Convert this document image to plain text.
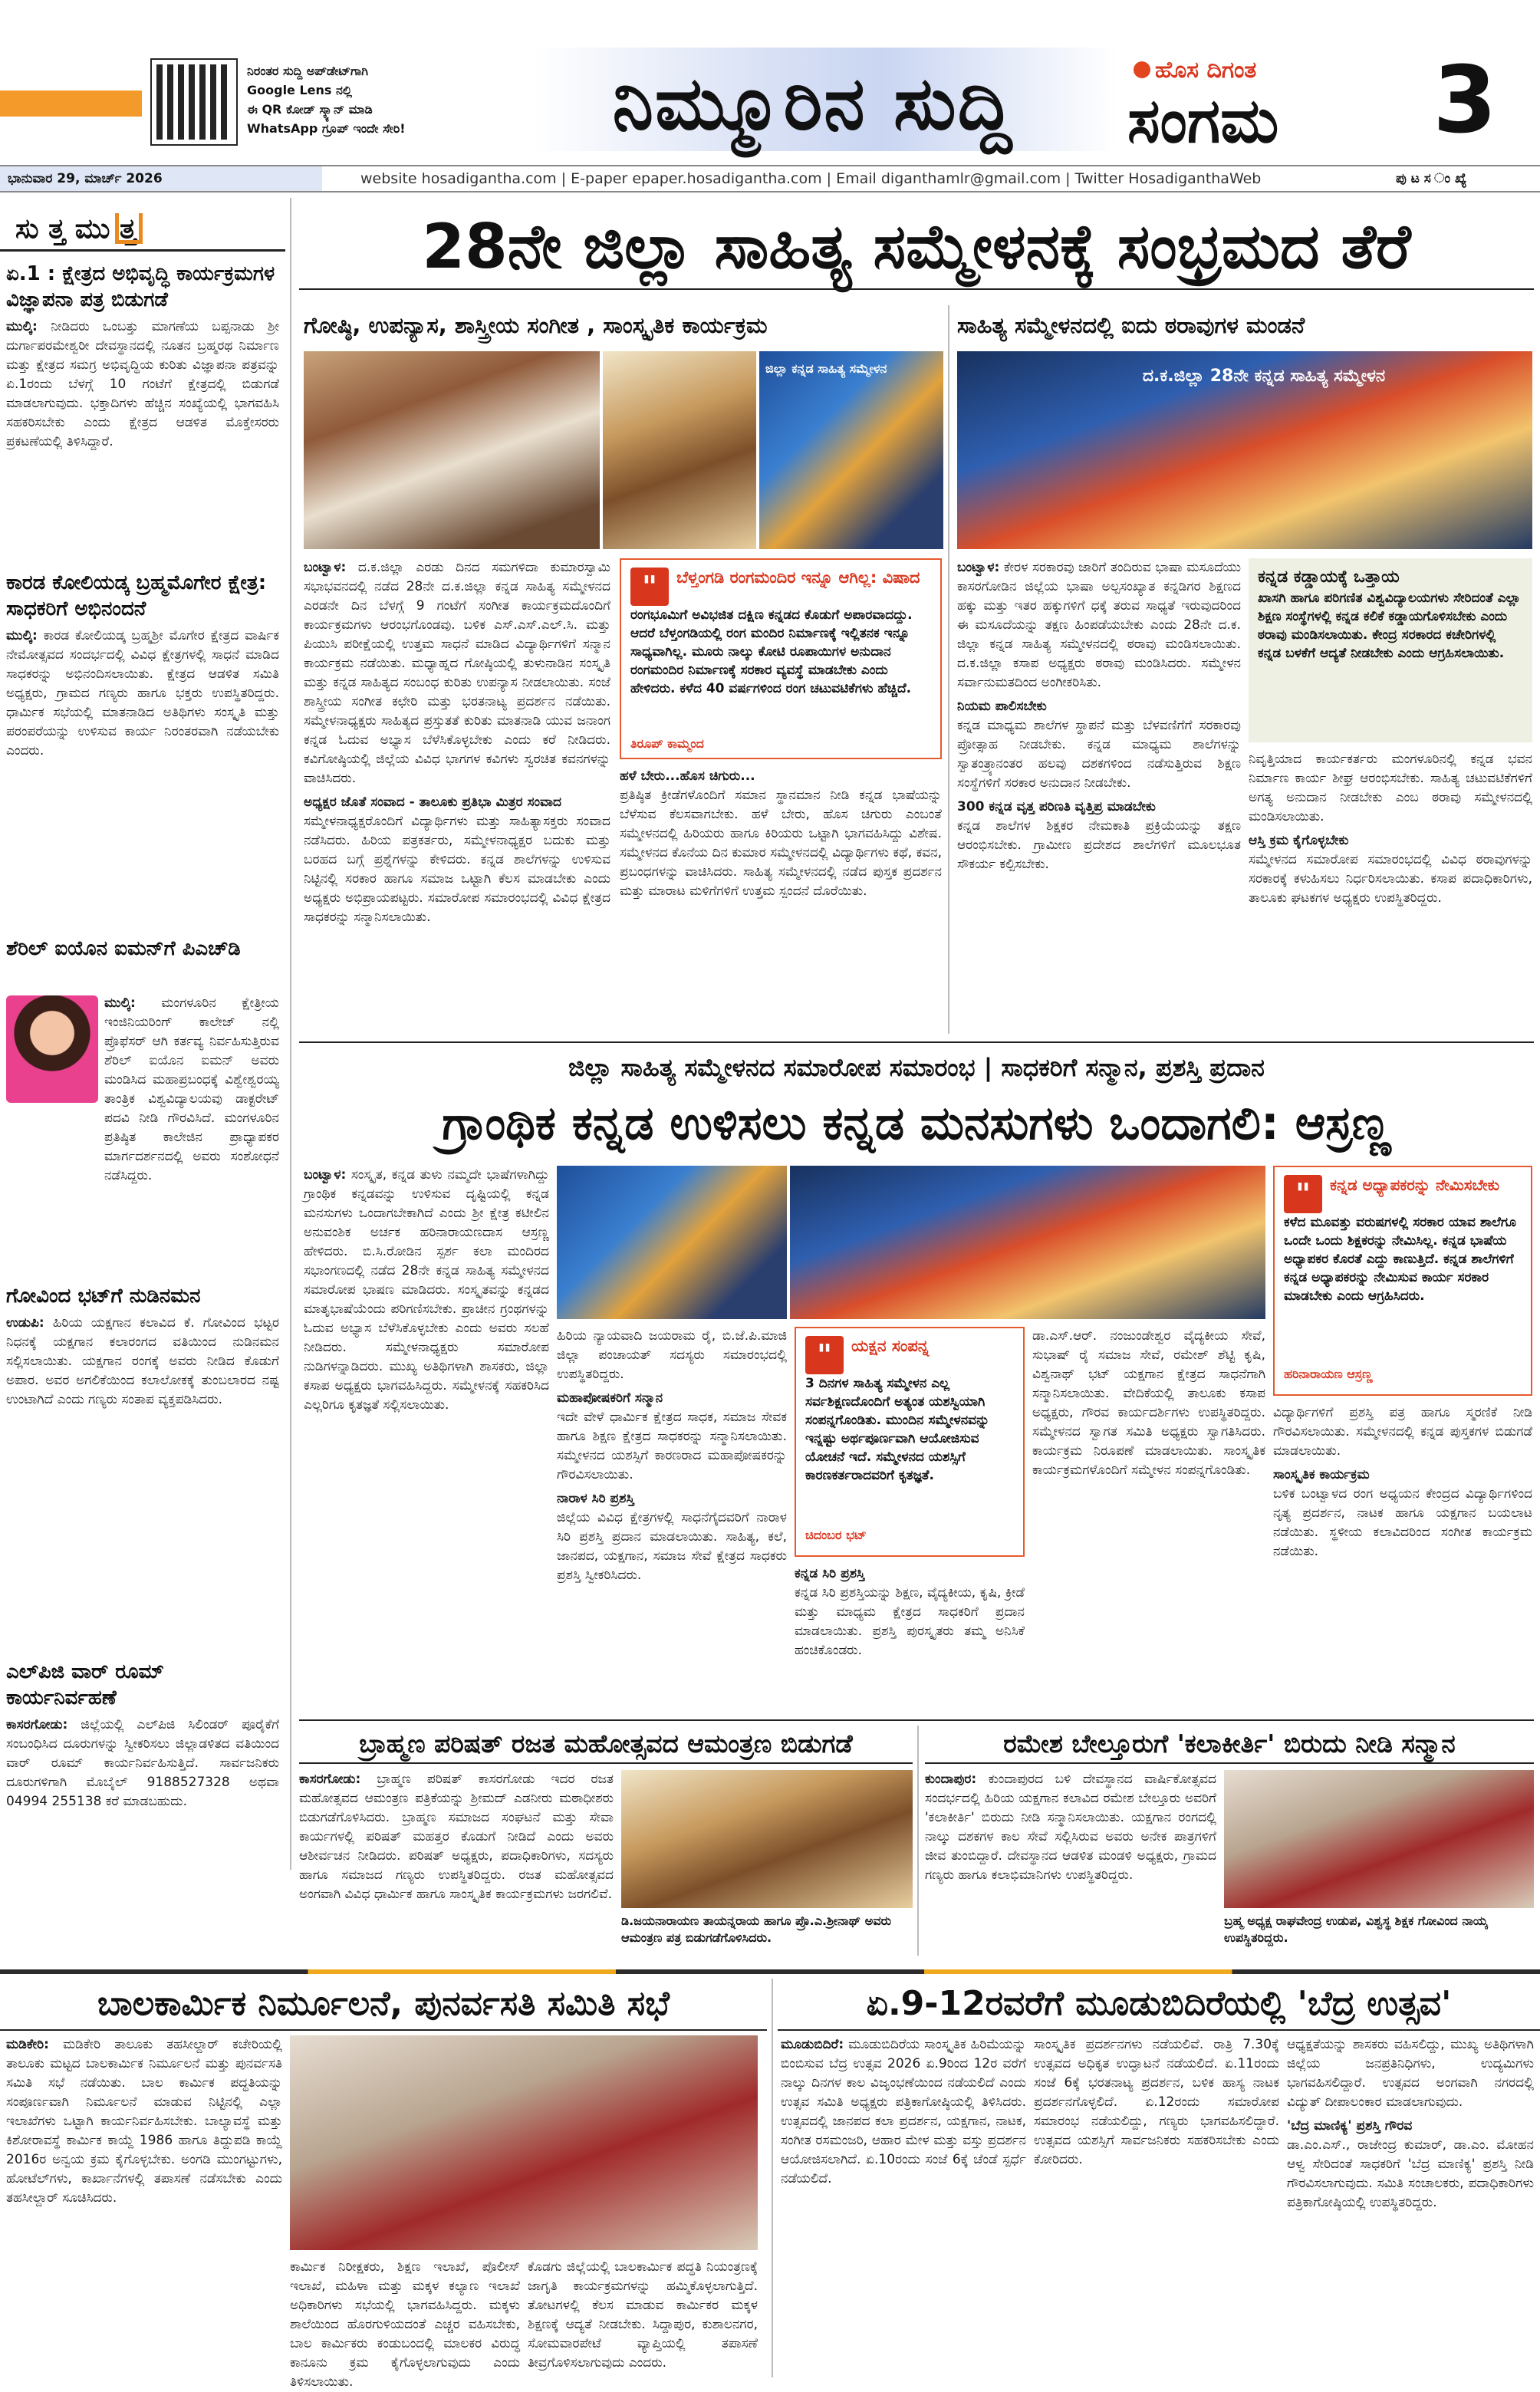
ನಿರಂತರ ಸುದ್ದಿ ಅಪ್‌ಡೇಟ್‌ಗಾಗಿ
Google Lens ನಲ್ಲಿ
ಈ QR ಕೋಡ್ ಸ್ಕ್ಯಾನ್ ಮಾಡಿ
WhatsApp ಗ್ರೂಪ್ ಇಂದೇ ಸೇರಿ!	ನಿಮ್ಮೂರಿನ ಸುದ್ದಿ	ಹೊಸ ದಿಗಂತ
ಸಂಗಮ	3
ಭಾನುವಾರ 29, ಮಾರ್ಚ್ 2026	website hosadigantha.com | E-paper epaper.hosadigantha.com | Email diganthamlr@gmail.com | Twitter HosadiganthaWeb	ಪು ಟ ಸ ಂ ಖ್ಯೆ
ಸು ತ್ತ ಮು ತ್ತ
ಏ.1 : ಕ್ಷೇತ್ರದ ಅಭಿವೃದ್ಧಿ ಕಾರ್ಯಕ್ರಮಗಳ ವಿಜ್ಞಾಪನಾ ಪತ್ರ ಬಿಡುಗಡೆ
ಮುಲ್ಕಿ: ನೀಡಿದರು ಒಂಬತ್ತು ಮಾಗಣೆಯ ಬಪ್ಪನಾಡು ಶ್ರೀ ದುರ್ಗಾಪರಮೇಶ್ವರೀ ದೇವಸ್ಥಾನದಲ್ಲಿ ನೂತನ ಬ್ರಹ್ಮರಥ ನಿರ್ಮಾಣ ಮತ್ತು ಕ್ಷೇತ್ರದ ಸಮಗ್ರ ಅಭಿವೃದ್ಧಿಯ ಕುರಿತು ವಿಜ್ಞಾಪನಾ ಪತ್ರವನ್ನು ಏ.1ರಂದು ಬೆಳಗ್ಗೆ 10 ಗಂಟೆಗೆ ಕ್ಷೇತ್ರದಲ್ಲಿ ಬಿಡುಗಡೆ ಮಾಡಲಾಗುವುದು. ಭಕ್ತಾದಿಗಳು ಹೆಚ್ಚಿನ ಸಂಖ್ಯೆಯಲ್ಲಿ ಭಾಗವಹಿಸಿ ಸಹಕರಿಸಬೇಕು ಎಂದು ಕ್ಷೇತ್ರದ ಆಡಳಿತ ಮೊಕ್ತೇಸರರು ಪ್ರಕಟಣೆಯಲ್ಲಿ ತಿಳಿಸಿದ್ದಾರೆ.
ಕಾರಡ ಕೋಲಿಯಡ್ಕ ಬ್ರಹ್ಮಮೊಗೇರ ಕ್ಷೇತ್ರ: ಸಾಧಕರಿಗೆ ಅಭಿನಂದನೆ
ಮುಲ್ಕಿ: ಕಾರಡ ಕೋಲಿಯಡ್ಕ ಬ್ರಹ್ಮಶ್ರೀ ಮೊಗೇರ ಕ್ಷೇತ್ರದ ವಾರ್ಷಿಕ ನೇಮೋತ್ಸವದ ಸಂದರ್ಭದಲ್ಲಿ ವಿವಿಧ ಕ್ಷೇತ್ರಗಳಲ್ಲಿ ಸಾಧನೆ ಮಾಡಿದ ಸಾಧಕರನ್ನು ಅಭಿನಂದಿಸಲಾಯಿತು. ಕ್ಷೇತ್ರದ ಆಡಳಿತ ಸಮಿತಿ ಅಧ್ಯಕ್ಷರು, ಗ್ರಾಮದ ಗಣ್ಯರು ಹಾಗೂ ಭಕ್ತರು ಉಪಸ್ಥಿತರಿದ್ದರು. ಧಾರ್ಮಿಕ ಸಭೆಯಲ್ಲಿ ಮಾತನಾಡಿದ ಅತಿಥಿಗಳು ಸಂಸ್ಕೃತಿ ಮತ್ತು ಪರಂಪರೆಯನ್ನು ಉಳಿಸುವ ಕಾರ್ಯ ನಿರಂತರವಾಗಿ ನಡೆಯಬೇಕು ಎಂದರು.
ಶೆರಿಲ್ ಐಯೊನ ಐಮನ್‌ಗೆ ಪಿಎಚ್‌ಡಿ
ಮುಲ್ಕಿ: ಮಂಗಳೂರಿನ ಕ್ಷೇತ್ರೀಯ ಇಂಜಿನಿಯರಿಂಗ್ ಕಾಲೇಜ್ ನಲ್ಲಿ ಪ್ರೊಫೆಸರ್ ಆಗಿ ಕರ್ತವ್ಯ ನಿರ್ವಹಿಸುತ್ತಿರುವ ಶೆರಿಲ್ ಐಯೊನ ಐಮನ್ ಅವರು ಮಂಡಿಸಿದ ಮಹಾಪ್ರಬಂಧಕ್ಕೆ ವಿಶ್ವೇಶ್ವರಯ್ಯ ತಾಂತ್ರಿಕ ವಿಶ್ವವಿದ್ಯಾಲಯವು ಡಾಕ್ಟರೇಟ್ ಪದವಿ ನೀಡಿ ಗೌರವಿಸಿದೆ. ಮಂಗಳೂರಿನ ಪ್ರತಿಷ್ಠಿತ ಕಾಲೇಜಿನ ಪ್ರಾಧ್ಯಾಪಕರ ಮಾರ್ಗದರ್ಶನದಲ್ಲಿ ಅವರು ಸಂಶೋಧನೆ ನಡೆಸಿದ್ದರು.
ಗೋವಿಂದ ಭಟ್‌ಗೆ ನುಡಿನಮನ
ಉಡುಪಿ: ಹಿರಿಯ ಯಕ್ಷಗಾನ ಕಲಾವಿದ ಕೆ. ಗೋವಿಂದ ಭಟ್ಟರ ನಿಧನಕ್ಕೆ ಯಕ್ಷಗಾನ ಕಲಾರಂಗದ ವತಿಯಿಂದ ನುಡಿನಮನ ಸಲ್ಲಿಸಲಾಯಿತು. ಯಕ್ಷಗಾನ ರಂಗಕ್ಕೆ ಅವರು ನೀಡಿದ ಕೊಡುಗೆ ಅಪಾರ. ಅವರ ಅಗಲಿಕೆಯಿಂದ ಕಲಾಲೋಕಕ್ಕೆ ತುಂಬಲಾರದ ನಷ್ಟ ಉಂಟಾಗಿದೆ ಎಂದು ಗಣ್ಯರು ಸಂತಾಪ ವ್ಯಕ್ತಪಡಿಸಿದರು.
ಎಲ್‌ಪಿಜಿ ವಾರ್ ರೂಮ್ ಕಾರ್ಯನಿರ್ವಹಣೆ
ಕಾಸರಗೋಡು: ಜಿಲ್ಲೆಯಲ್ಲಿ ಎಲ್‌ಪಿಜಿ ಸಿಲಿಂಡರ್ ಪೂರೈಕೆಗೆ ಸಂಬಂಧಿಸಿದ ದೂರುಗಳನ್ನು ಸ್ವೀಕರಿಸಲು ಜಿಲ್ಲಾಡಳಿತದ ವತಿಯಿಂದ ವಾರ್ ರೂಮ್ ಕಾರ್ಯನಿರ್ವಹಿಸುತ್ತಿದೆ. ಸಾರ್ವಜನಿಕರು ದೂರುಗಳಿಗಾಗಿ ಮೊಬೈಲ್ 9188527328 ಅಥವಾ 04994 255138 ಕರೆ ಮಾಡಬಹುದು.
28ನೇ ಜಿಲ್ಲಾ ಸಾಹಿತ್ಯ ಸಮ್ಮೇಳನಕ್ಕೆ ಸಂಭ್ರಮದ ತೆರೆ
ಗೋಷ್ಠಿ, ಉಪನ್ಯಾಸ, ಶಾಸ್ತ್ರೀಯ ಸಂಗೀತ , ಸಾಂಸ್ಕೃತಿಕ ಕಾರ್ಯಕ್ರಮ	ಸಾಹಿತ್ಯ ಸಮ್ಮೇಳನದಲ್ಲಿ ಐದು ಠರಾವುಗಳ ಮಂಡನೆ
ಜಿಲ್ಲಾ ಕನ್ನಡ ಸಾಹಿತ್ಯ ಸಮ್ಮೇಳನ	ದ.ಕ.ಜಿಲ್ಲಾ 28ನೇ ಕನ್ನಡ ಸಾಹಿತ್ಯ ಸಮ್ಮೇಳನ
ಬಂಟ್ವಾಳ: ದ.ಕ.ಜಿಲ್ಲಾ ಎರಡು ದಿನದ ಸಮಗಳಿದಾ ಕುಮಾರಸ್ವಾಮಿ ಸಭಾಭವನದಲ್ಲಿ ನಡೆದ 28ನೇ ದ.ಕ.ಜಿಲ್ಲಾ ಕನ್ನಡ ಸಾಹಿತ್ಯ ಸಮ್ಮೇಳನದ ಎರಡನೇ ದಿನ ಬೆಳಗ್ಗೆ 9 ಗಂಟೆಗೆ ಸಂಗೀತ ಕಾರ್ಯಕ್ರಮದೊಂದಿಗೆ ಕಾರ್ಯಕ್ರಮಗಳು ಆರಂಭಗೊಂಡವು. ಬಳಿಕ ಎಸ್.ಎಸ್.ಎಲ್.ಸಿ. ಮತ್ತು ಪಿಯುಸಿ ಪರೀಕ್ಷೆಯಲ್ಲಿ ಉತ್ತಮ ಸಾಧನೆ ಮಾಡಿದ ವಿದ್ಯಾರ್ಥಿಗಳಿಗೆ ಸನ್ಮಾನ ಕಾರ್ಯಕ್ರಮ ನಡೆಯಿತು. ಮಧ್ಯಾಹ್ನದ ಗೋಷ್ಠಿಯಲ್ಲಿ ತುಳುನಾಡಿನ ಸಂಸ್ಕೃತಿ ಮತ್ತು ಕನ್ನಡ ಸಾಹಿತ್ಯದ ಸಂಬಂಧ ಕುರಿತು ಉಪನ್ಯಾಸ ನೀಡಲಾಯಿತು. ಸಂಜೆ ಶಾಸ್ತ್ರೀಯ ಸಂಗೀತ ಕಛೇರಿ ಮತ್ತು ಭರತನಾಟ್ಯ ಪ್ರದರ್ಶನ ನಡೆಯಿತು. ಸಮ್ಮೇಳನಾಧ್ಯಕ್ಷರು ಸಾಹಿತ್ಯದ ಪ್ರಸ್ತುತತೆ ಕುರಿತು ಮಾತನಾಡಿ ಯುವ ಜನಾಂಗ ಕನ್ನಡ ಓದುವ ಅಭ್ಯಾಸ ಬೆಳೆಸಿಕೊಳ್ಳಬೇಕು ಎಂದು ಕರೆ ನೀಡಿದರು. ಕವಿಗೋಷ್ಠಿಯಲ್ಲಿ ಜಿಲ್ಲೆಯ ವಿವಿಧ ಭಾಗಗಳ ಕವಿಗಳು ಸ್ವರಚಿತ ಕವನಗಳನ್ನು ವಾಚಿಸಿದರು.
ಅಧ್ಯಕ್ಷರ ಜೊತೆ ಸಂವಾದ - ತಾಲೂಕು ಪ್ರತಿಭಾ ಮಿತ್ರರ ಸಂವಾದ
ಸಮ್ಮೇಳನಾಧ್ಯಕ್ಷರೊಂದಿಗೆ ವಿದ್ಯಾರ್ಥಿಗಳು ಮತ್ತು ಸಾಹಿತ್ಯಾಸಕ್ತರು ಸಂವಾದ ನಡೆಸಿದರು. ಹಿರಿಯ ಪತ್ರಕರ್ತರು, ಸಮ್ಮೇಳನಾಧ್ಯಕ್ಷರ ಬದುಕು ಮತ್ತು ಬರಹದ ಬಗ್ಗೆ ಪ್ರಶ್ನೆಗಳನ್ನು ಕೇಳಿದರು. ಕನ್ನಡ ಶಾಲೆಗಳನ್ನು ಉಳಿಸುವ ನಿಟ್ಟಿನಲ್ಲಿ ಸರಕಾರ ಹಾಗೂ ಸಮಾಜ ಒಟ್ಟಾಗಿ ಕೆಲಸ ಮಾಡಬೇಕು ಎಂದು ಅಧ್ಯಕ್ಷರು ಅಭಿಪ್ರಾಯಪಟ್ಟರು. ಸಮಾರೋಪ ಸಮಾರಂಭದಲ್ಲಿ ವಿವಿಧ ಕ್ಷೇತ್ರದ ಸಾಧಕರನ್ನು ಸನ್ಮಾನಿಸಲಾಯಿತು.
"	ಬೆಳ್ತಂಗಡಿ ರಂಗಮಂದಿರ ಇನ್ನೂ ಆಗಿಲ್ಲ: ವಿಷಾದ
ರಂಗಭೂಮಿಗೆ ಅವಿಭಜಿತ ದಕ್ಷಿಣ ಕನ್ನಡದ ಕೊಡುಗೆ ಅಪಾರವಾದದ್ದು. ಆದರೆ ಬೆಳ್ತಂಗಡಿಯಲ್ಲಿ ರಂಗ ಮಂದಿರ ನಿರ್ಮಾಣಕ್ಕೆ ಇಲ್ಲಿತನಕ ಇನ್ನೂ ಸಾಧ್ಯವಾಗಿಲ್ಲ. ಮೂರು ನಾಲ್ಕು ಕೋಟಿ ರೂಪಾಯಿಗಳ ಅನುದಾನ ರಂಗಮಂದಿರ ನಿರ್ಮಾಣಕ್ಕೆ ಸರಕಾರ ವ್ಯವಸ್ಥೆ ಮಾಡಬೇಕು ಎಂದು ಹೇಳಿದರು. ಕಳೆದ 40 ವರ್ಷಗಳಿಂದ ರಂಗ ಚಟುವಟಿಕೆಗಳು ಹೆಚ್ಚಿದೆ.
ತಿರೂಪ್ ಕಾಮ್ಮಂದ
ಹಳೆ ಬೇರು...ಹೊಸ ಚಿಗುರು...
ಪ್ರತಿಷ್ಠಿತ ಕ್ರೀಡೆಗಳೊಂದಿಗೆ ಸಮಾನ ಸ್ಥಾನಮಾನ ನೀಡಿ ಕನ್ನಡ ಭಾಷೆಯನ್ನು ಬೆಳೆಸುವ ಕೆಲಸವಾಗಬೇಕು. ಹಳೆ ಬೇರು, ಹೊಸ ಚಿಗುರು ಎಂಬಂತೆ ಸಮ್ಮೇಳನದಲ್ಲಿ ಹಿರಿಯರು ಹಾಗೂ ಕಿರಿಯರು ಒಟ್ಟಾಗಿ ಭಾಗವಹಿಸಿದ್ದು ವಿಶೇಷ. ಸಮ್ಮೇಳನದ ಕೊನೆಯ ದಿನ ಕುಮಾರ ಸಮ್ಮೇಳನದಲ್ಲಿ ವಿದ್ಯಾರ್ಥಿಗಳು ಕಥೆ, ಕವನ, ಪ್ರಬಂಧಗಳನ್ನು ವಾಚಿಸಿದರು. ಸಾಹಿತ್ಯ ಸಮ್ಮೇಳನದಲ್ಲಿ ನಡೆದ ಪುಸ್ತಕ ಪ್ರದರ್ಶನ ಮತ್ತು ಮಾರಾಟ ಮಳಿಗೆಗಳಿಗೆ ಉತ್ತಮ ಸ್ಪಂದನೆ ದೊರೆಯಿತು.
ಬಂಟ್ವಾಳ: ಕೇರಳ ಸರಕಾರವು ಜಾರಿಗೆ ತಂದಿರುವ ಭಾಷಾ ಮಸೂದೆಯು ಕಾಸರಗೋಡಿನ ಜಿಲ್ಲೆಯ ಭಾಷಾ ಅಲ್ಪಸಂಖ್ಯಾತ ಕನ್ನಡಿಗರ ಶಿಕ್ಷಣದ ಹಕ್ಕು ಮತ್ತು ಇತರ ಹಕ್ಕುಗಳಿಗೆ ಧಕ್ಕೆ ತರುವ ಸಾಧ್ಯತೆ ಇರುವುದರಿಂದ ಈ ಮಸೂದೆಯನ್ನು ತಕ್ಷಣ ಹಿಂಪಡೆಯಬೇಕು ಎಂದು 28ನೇ ದ.ಕ. ಜಿಲ್ಲಾ ಕನ್ನಡ ಸಾಹಿತ್ಯ ಸಮ್ಮೇಳನದಲ್ಲಿ ಠರಾವು ಮಂಡಿಸಲಾಯಿತು. ದ.ಕ.ಜಿಲ್ಲಾ ಕಸಾಪ ಅಧ್ಯಕ್ಷರು ಠರಾವು ಮಂಡಿಸಿದರು. ಸಮ್ಮೇಳನ ಸರ್ವಾನುಮತದಿಂದ ಅಂಗೀಕರಿಸಿತು.
ನಿಯಮ ಪಾಲಿಸಬೇಕು
ಕನ್ನಡ ಮಾಧ್ಯಮ ಶಾಲೆಗಳ ಸ್ಥಾಪನೆ ಮತ್ತು ಬೆಳವಣಿಗೆಗೆ ಸರಕಾರವು ಪ್ರೋತ್ಸಾಹ ನೀಡಬೇಕು. ಕನ್ನಡ ಮಾಧ್ಯಮ ಶಾಲೆಗಳನ್ನು ಸ್ವಾತಂತ್ರ್ಯಾನಂತರ ಹಲವು ದಶಕಗಳಿಂದ ನಡೆಸುತ್ತಿರುವ ಶಿಕ್ಷಣ ಸಂಸ್ಥೆಗಳಿಗೆ ಸರಕಾರ ಅನುದಾನ ನೀಡಬೇಕು.
300 ಕನ್ನಡ ವೃತ್ತ ಪರಿಣತಿ ವೃತ್ತಿಪ್ರ ಮಾಡಬೇಕು
ಕನ್ನಡ ಶಾಲೆಗಳ ಶಿಕ್ಷಕರ ನೇಮಕಾತಿ ಪ್ರಕ್ರಿಯೆಯನ್ನು ತಕ್ಷಣ ಆರಂಭಿಸಬೇಕು. ಗ್ರಾಮೀಣ ಪ್ರದೇಶದ ಶಾಲೆಗಳಿಗೆ ಮೂಲಭೂತ ಸೌಕರ್ಯ ಕಲ್ಪಿಸಬೇಕು.
ಕನ್ನಡ ಕಡ್ಡಾಯಕ್ಕೆ ಒತ್ತಾಯ
ಖಾಸಗಿ ಹಾಗೂ ಪರಿಗಣಿತ ವಿಶ್ವವಿದ್ಯಾಲಯಗಳು ಸೇರಿದಂತೆ ಎಲ್ಲಾ ಶಿಕ್ಷಣ ಸಂಸ್ಥೆಗಳಲ್ಲಿ ಕನ್ನಡ ಕಲಿಕೆ ಕಡ್ಡಾಯಗೊಳಿಸಬೇಕು ಎಂದು ಠರಾವು ಮಂಡಿಸಲಾಯಿತು. ಕೇಂದ್ರ ಸರಕಾರದ ಕಚೇರಿಗಳಲ್ಲಿ ಕನ್ನಡ ಬಳಕೆಗೆ ಆದ್ಯತೆ ನೀಡಬೇಕು ಎಂದು ಆಗ್ರಹಿಸಲಾಯಿತು.
ನಿವೃತ್ತಿಯಾದ ಕಾರ್ಯಕರ್ತರು ಮಂಗಳೂರಿನಲ್ಲಿ ಕನ್ನಡ ಭವನ ನಿರ್ಮಾಣ ಕಾರ್ಯ ಶೀಘ್ರ ಆರಂಭಿಸಬೇಕು. ಸಾಹಿತ್ಯ ಚಟುವಟಿಕೆಗಳಿಗೆ ಅಗತ್ಯ ಅನುದಾನ ನೀಡಬೇಕು ಎಂಬ ಠರಾವು ಸಮ್ಮೇಳನದಲ್ಲಿ ಮಂಡಿಸಲಾಯಿತು.
ಆಸ್ತಿ ಕ್ರಮ ಕೈಗೊಳ್ಳಬೇಕು
ಸಮ್ಮೇಳನದ ಸಮಾರೋಪ ಸಮಾರಂಭದಲ್ಲಿ ವಿವಿಧ ಠರಾವುಗಳನ್ನು ಸರಕಾರಕ್ಕೆ ಕಳುಹಿಸಲು ನಿರ್ಧರಿಸಲಾಯಿತು. ಕಸಾಪ ಪದಾಧಿಕಾರಿಗಳು, ತಾಲೂಕು ಘಟಕಗಳ ಅಧ್ಯಕ್ಷರು ಉಪಸ್ಥಿತರಿದ್ದರು.
ಜಿಲ್ಲಾ ಸಾಹಿತ್ಯ ಸಮ್ಮೇಳನದ ಸಮಾರೋಪ ಸಮಾರಂಭ | ಸಾಧಕರಿಗೆ ಸನ್ಮಾನ, ಪ್ರಶಸ್ತಿ ಪ್ರದಾನ
ಗ್ರಾಂಥಿಕ ಕನ್ನಡ ಉಳಿಸಲು ಕನ್ನಡ ಮನಸುಗಳು ಒಂದಾಗಲಿ: ಆಸ್ರಣ್ಣ
ಬಂಟ್ವಾಳ: ಸಂಸ್ಕೃತ, ಕನ್ನಡ ತುಳು ನಮ್ಮದೇ ಭಾಷೆಗಳಾಗಿದ್ದು ಗ್ರಾಂಥಿಕ ಕನ್ನಡವನ್ನು ಉಳಿಸುವ ದೃಷ್ಟಿಯಲ್ಲಿ ಕನ್ನಡ ಮನಸುಗಳು ಒಂದಾಗಬೇಕಾಗಿದೆ ಎಂದು ಶ್ರೀ ಕ್ಷೇತ್ರ ಕಟೀಲಿನ ಅನುವಂಶಿಕ ಅರ್ಚಕ ಹರಿನಾರಾಯಣದಾಸ ಆಸ್ರಣ್ಣ ಹೇಳಿದರು. ಬಿ.ಸಿ.ರೋಡಿನ ಸ್ಪರ್ಶ ಕಲಾ ಮಂದಿರದ ಸಭಾಂಗಣದಲ್ಲಿ ನಡೆದ 28ನೇ ಕನ್ನಡ ಸಾಹಿತ್ಯ ಸಮ್ಮೇಳನದ ಸಮಾರೋಪ ಭಾಷಣ ಮಾಡಿದರು. ಸಂಸ್ಕೃತವನ್ನು ಕನ್ನಡದ ಮಾತೃಭಾಷೆಯೆಂದು ಪರಿಗಣಿಸಬೇಕು. ಪ್ರಾಚೀನ ಗ್ರಂಥಗಳನ್ನು ಓದುವ ಅಭ್ಯಾಸ ಬೆಳೆಸಿಕೊಳ್ಳಬೇಕು ಎಂದು ಅವರು ಸಲಹೆ ನೀಡಿದರು. ಸಮ್ಮೇಳನಾಧ್ಯಕ್ಷರು ಸಮಾರೋಪ ನುಡಿಗಳನ್ನಾಡಿದರು. ಮುಖ್ಯ ಅತಿಥಿಗಳಾಗಿ ಶಾಸಕರು, ಜಿಲ್ಲಾ ಕಸಾಪ ಅಧ್ಯಕ್ಷರು ಭಾಗವಹಿಸಿದ್ದರು. ಸಮ್ಮೇಳನಕ್ಕೆ ಸಹಕರಿಸಿದ ಎಲ್ಲರಿಗೂ ಕೃತಜ್ಞತೆ ಸಲ್ಲಿಸಲಾಯಿತು.
ಹಿರಿಯ ನ್ಯಾಯವಾದಿ ಜಯರಾಮ ರೈ, ಬಿ.ಜೆ.ಪಿ.ಮಾಜಿ ಜಿಲ್ಲಾ ಪಂಚಾಯತ್ ಸದಸ್ಯರು ಸಮಾರಂಭದಲ್ಲಿ ಉಪಸ್ಥಿತರಿದ್ದರು.
ಮಹಾಪೋಷಕರಿಗೆ ಸನ್ಮಾನ
ಇದೇ ವೇಳೆ ಧಾರ್ಮಿಕ ಕ್ಷೇತ್ರದ ಸಾಧಕ, ಸಮಾಜ ಸೇವಕ ಹಾಗೂ ಶಿಕ್ಷಣ ಕ್ಷೇತ್ರದ ಸಾಧಕರನ್ನು ಸನ್ಮಾನಿಸಲಾಯಿತು. ಸಮ್ಮೇಳನದ ಯಶಸ್ಸಿಗೆ ಕಾರಣರಾದ ಮಹಾಪೋಷಕರನ್ನು ಗೌರವಿಸಲಾಯಿತು.
ನಾರಾಳ ಸಿರಿ ಪ್ರಶಸ್ತಿ
ಜಿಲ್ಲೆಯ ವಿವಿಧ ಕ್ಷೇತ್ರಗಳಲ್ಲಿ ಸಾಧನೆಗೈದವರಿಗೆ ನಾರಾಳ ಸಿರಿ ಪ್ರಶಸ್ತಿ ಪ್ರದಾನ ಮಾಡಲಾಯಿತು. ಸಾಹಿತ್ಯ, ಕಲೆ, ಜಾನಪದ, ಯಕ್ಷಗಾನ, ಸಮಾಜ ಸೇವೆ ಕ್ಷೇತ್ರದ ಸಾಧಕರು ಪ್ರಶಸ್ತಿ ಸ್ವೀಕರಿಸಿದರು.
"	ಯಕ್ಷನ ಸಂಪನ್ನ
3 ದಿನಗಳ ಸಾಹಿತ್ಯ ಸಮ್ಮೇಳನ ಎಲ್ಲ ಸರ್ವಶಿಕ್ಷಣದೊಂದಿಗೆ ಅತ್ಯಂತ ಯಶಸ್ವಿಯಾಗಿ ಸಂಪನ್ನಗೊಂಡಿತು. ಮುಂದಿನ ಸಮ್ಮೇಳನವನ್ನು ಇನ್ನಷ್ಟು ಅರ್ಥಪೂರ್ಣವಾಗಿ ಆಯೋಜಿಸುವ ಯೋಚನೆ ಇದೆ. ಸಮ್ಮೇಳನದ ಯಶಸ್ಸಿಗೆ ಕಾರಣಕರ್ತರಾದವರಿಗೆ ಕೃತಜ್ಞತೆ.
ಚಿದಂಬರ ಭಟ್
ಕನ್ನಡ ಸಿರಿ ಪ್ರಶಸ್ತಿ
ಕನ್ನಡ ಸಿರಿ ಪ್ರಶಸ್ತಿಯನ್ನು ಶಿಕ್ಷಣ, ವೈದ್ಯಕೀಯ, ಕೃಷಿ, ಕ್ರೀಡೆ ಮತ್ತು ಮಾಧ್ಯಮ ಕ್ಷೇತ್ರದ ಸಾಧಕರಿಗೆ ಪ್ರದಾನ ಮಾಡಲಾಯಿತು. ಪ್ರಶಸ್ತಿ ಪುರಸ್ಕೃತರು ತಮ್ಮ ಅನಿಸಿಕೆ ಹಂಚಿಕೊಂಡರು.
ಡಾ.ಎಸ್.ಆರ್. ನಂಜುಂಡೇಶ್ವರ ವೈದ್ಯಕೀಯ ಸೇವೆ, ಸುಭಾಷ್ ರೈ ಸಮಾಜ ಸೇವೆ, ರಮೇಶ್ ಶೆಟ್ಟಿ ಕೃಷಿ, ವಿಶ್ವನಾಥ್ ಭಟ್ ಯಕ್ಷಗಾನ ಕ್ಷೇತ್ರದ ಸಾಧನೆಗಾಗಿ ಸನ್ಮಾನಿಸಲಾಯಿತು. ವೇದಿಕೆಯಲ್ಲಿ ತಾಲೂಕು ಕಸಾಪ ಅಧ್ಯಕ್ಷರು, ಗೌರವ ಕಾರ್ಯದರ್ಶಿಗಳು ಉಪಸ್ಥಿತರಿದ್ದರು. ಸಮ್ಮೇಳನದ ಸ್ವಾಗತ ಸಮಿತಿ ಅಧ್ಯಕ್ಷರು ಸ್ವಾಗತಿಸಿದರು. ಕಾರ್ಯಕ್ರಮ ನಿರೂಪಣೆ ಮಾಡಲಾಯಿತು. ಸಾಂಸ್ಕೃತಿಕ ಕಾರ್ಯಕ್ರಮಗಳೊಂದಿಗೆ ಸಮ್ಮೇಳನ ಸಂಪನ್ನಗೊಂಡಿತು.
"	ಕನ್ನಡ ಅಧ್ಯಾಪಕರನ್ನು ನೇಮಿಸಬೇಕು
ಕಳೆದ ಮೂವತ್ತು ವರುಷಗಳಲ್ಲಿ ಸರಕಾರ ಯಾವ ಶಾಲೆಗೂ ಒಂದೇ ಒಂದು ಶಿಕ್ಷಕರನ್ನು ನೇಮಿಸಿಲ್ಲ. ಕನ್ನಡ ಭಾಷೆಯ ಅಧ್ಯಾಪಕರ ಕೊರತೆ ಎದ್ದು ಕಾಣುತ್ತಿದೆ. ಕನ್ನಡ ಶಾಲೆಗಳಿಗೆ ಕನ್ನಡ ಅಧ್ಯಾಪಕರನ್ನು ನೇಮಿಸುವ ಕಾರ್ಯ ಸರಕಾರ ಮಾಡಬೇಕು ಎಂದು ಆಗ್ರಹಿಸಿದರು.
ಹರಿನಾರಾಯಣ ಆಸ್ರಣ್ಣ
ವಿದ್ಯಾರ್ಥಿಗಳಿಗೆ ಪ್ರಶಸ್ತಿ ಪತ್ರ ಹಾಗೂ ಸ್ಮರಣಿಕೆ ನೀಡಿ ಗೌರವಿಸಲಾಯಿತು. ಸಮ್ಮೇಳನದಲ್ಲಿ ಕನ್ನಡ ಪುಸ್ತಕಗಳ ಬಿಡುಗಡೆ ಮಾಡಲಾಯಿತು.
ಸಾಂಸ್ಕೃತಿಕ ಕಾರ್ಯಕ್ರಮ
ಬಳಿಕ ಬಂಟ್ವಾಳದ ರಂಗ ಅಧ್ಯಯನ ಕೇಂದ್ರದ ವಿದ್ಯಾರ್ಥಿಗಳಿಂದ ನೃತ್ಯ ಪ್ರದರ್ಶನ, ನಾಟಕ ಹಾಗೂ ಯಕ್ಷಗಾನ ಬಯಲಾಟ ನಡೆಯಿತು. ಸ್ಥಳೀಯ ಕಲಾವಿದರಿಂದ ಸಂಗೀತ ಕಾರ್ಯಕ್ರಮ ನಡೆಯಿತು.
ಬ್ರಾಹ್ಮಣ ಪರಿಷತ್ ರಜತ ಮಹೋತ್ಸವದ ಆಮಂತ್ರಣ ಬಿಡುಗಡೆ
ಕಾಸರಗೋಡು: ಬ್ರಾಹ್ಮಣ ಪರಿಷತ್ ಕಾಸರಗೋಡು ಇದರ ರಜತ ಮಹೋತ್ಸವದ ಆಮಂತ್ರಣ ಪತ್ರಿಕೆಯನ್ನು ಶ್ರೀಮದ್ ಎಡನೀರು ಮಠಾಧೀಶರು ಬಿಡುಗಡೆಗೊಳಿಸಿದರು. ಬ್ರಾಹ್ಮಣ ಸಮಾಜದ ಸಂಘಟನೆ ಮತ್ತು ಸೇವಾ ಕಾರ್ಯಗಳಲ್ಲಿ ಪರಿಷತ್ ಮಹತ್ತರ ಕೊಡುಗೆ ನೀಡಿದೆ ಎಂದು ಅವರು ಆಶೀರ್ವಚನ ನೀಡಿದರು. ಪರಿಷತ್ ಅಧ್ಯಕ್ಷರು, ಪದಾಧಿಕಾರಿಗಳು, ಸದಸ್ಯರು ಹಾಗೂ ಸಮಾಜದ ಗಣ್ಯರು ಉಪಸ್ಥಿತರಿದ್ದರು. ರಜತ ಮಹೋತ್ಸವದ ಅಂಗವಾಗಿ ವಿವಿಧ ಧಾರ್ಮಿಕ ಹಾಗೂ ಸಾಂಸ್ಕೃತಿಕ ಕಾರ್ಯಕ್ರಮಗಳು ಜರಗಲಿವೆ.
ಡಿ.ಜಯನಾರಾಯಣ ತಾಯನ್ನರಾಯ ಹಾಗೂ ಪ್ರೊ.ಎ.ಶ್ರೀನಾಥ್ ಅವರು ಆಮಂತ್ರಣ ಪತ್ರ ಬಿಡುಗಡೆಗೊಳಿಸಿದರು.
ರಮೇಶ ಬೇಲ್ತೂರುಗೆ 'ಕಲಾಕೀರ್ತಿ' ಬಿರುದು ನೀಡಿ ಸನ್ಮಾನ
ಕುಂದಾಪುರ: ಕುಂದಾಪುರದ ಬಳಿ ದೇವಸ್ಥಾನದ ವಾರ್ಷಿಕೋತ್ಸವದ ಸಂದರ್ಭದಲ್ಲಿ ಹಿರಿಯ ಯಕ್ಷಗಾನ ಕಲಾವಿದ ರಮೇಶ ಬೇಲ್ತೂರು ಅವರಿಗೆ 'ಕಲಾಕೀರ್ತಿ' ಬಿರುದು ನೀಡಿ ಸನ್ಮಾನಿಸಲಾಯಿತು. ಯಕ್ಷಗಾನ ರಂಗದಲ್ಲಿ ನಾಲ್ಕು ದಶಕಗಳ ಕಾಲ ಸೇವೆ ಸಲ್ಲಿಸಿರುವ ಅವರು ಅನೇಕ ಪಾತ್ರಗಳಿಗೆ ಜೀವ ತುಂಬಿದ್ದಾರೆ. ದೇವಸ್ಥಾನದ ಆಡಳಿತ ಮಂಡಳಿ ಅಧ್ಯಕ್ಷರು, ಗ್ರಾಮದ ಗಣ್ಯರು ಹಾಗೂ ಕಲಾಭಿಮಾನಿಗಳು ಉಪಸ್ಥಿತರಿದ್ದರು.
ಬ್ರಹ್ಮ ಅಧ್ಯಕ್ಷ ರಾಘವೇಂದ್ರ ಉಡುಪ, ವಿಶ್ವಸ್ಥ ಶಿಕ್ಷಕ ಗೋವಿಂದ ನಾಯ್ಕ ಉಪಸ್ಥಿತರಿದ್ದರು.
ಬಾಲಕಾರ್ಮಿಕ ನಿರ್ಮೂಲನೆ, ಪುನರ್ವಸತಿ ಸಮಿತಿ ಸಭೆ
ಮಡಿಕೇರಿ: ಮಡಿಕೇರಿ ತಾಲೂಕು ತಹಸೀಲ್ದಾರ್ ಕಚೇರಿಯಲ್ಲಿ ತಾಲೂಕು ಮಟ್ಟದ ಬಾಲಕಾರ್ಮಿಕ ನಿರ್ಮೂಲನೆ ಮತ್ತು ಪುನರ್ವಸತಿ ಸಮಿತಿ ಸಭೆ ನಡೆಯಿತು. ಬಾಲ ಕಾರ್ಮಿಕ ಪದ್ಧತಿಯನ್ನು ಸಂಪೂರ್ಣವಾಗಿ ನಿರ್ಮೂಲನೆ ಮಾಡುವ ನಿಟ್ಟಿನಲ್ಲಿ ಎಲ್ಲಾ ಇಲಾಖೆಗಳು ಒಟ್ಟಾಗಿ ಕಾರ್ಯನಿರ್ವಹಿಸಬೇಕು. ಬಾಲ್ಯಾವಸ್ಥೆ ಮತ್ತು ಕಿಶೋರಾವಸ್ಥೆ ಕಾರ್ಮಿಕ ಕಾಯ್ದೆ 1986 ಹಾಗೂ ತಿದ್ದುಪಡಿ ಕಾಯ್ದೆ 2016ರ ಅನ್ವಯ ಕ್ರಮ ಕೈಗೊಳ್ಳಬೇಕು. ಅಂಗಡಿ ಮುಂಗಟ್ಟುಗಳು, ಹೋಟೆಲ್‌ಗಳು, ಕಾರ್ಖಾನೆಗಳಲ್ಲಿ ತಪಾಸಣೆ ನಡೆಸಬೇಕು ಎಂದು ತಹಸೀಲ್ದಾರ್ ಸೂಚಿಸಿದರು.
ಕಾರ್ಮಿಕ ನಿರೀಕ್ಷಕರು, ಶಿಕ್ಷಣ ಇಲಾಖೆ, ಪೊಲೀಸ್ ಇಲಾಖೆ, ಮಹಿಳಾ ಮತ್ತು ಮಕ್ಕಳ ಕಲ್ಯಾಣ ಇಲಾಖೆ ಅಧಿಕಾರಿಗಳು ಸಭೆಯಲ್ಲಿ ಭಾಗವಹಿಸಿದ್ದರು. ಮಕ್ಕಳು ಶಾಲೆಯಿಂದ ಹೊರಗುಳಿಯದಂತೆ ಎಚ್ಚರ ವಹಿಸಬೇಕು, ಬಾಲ ಕಾರ್ಮಿಕರು ಕಂಡುಬಂದಲ್ಲಿ ಮಾಲಕರ ವಿರುದ್ಧ ಕಾನೂನು ಕ್ರಮ ಕೈಗೊಳ್ಳಲಾಗುವುದು ಎಂದು ತಿಳಿಸಲಾಯಿತು.
ಕೊಡಗು ಜಿಲ್ಲೆಯಲ್ಲಿ ಬಾಲಕಾರ್ಮಿಕ ಪದ್ಧತಿ ನಿಯಂತ್ರಣಕ್ಕೆ ಜಾಗೃತಿ ಕಾರ್ಯಕ್ರಮಗಳನ್ನು ಹಮ್ಮಿಕೊಳ್ಳಲಾಗುತ್ತಿದೆ. ತೋಟಗಳಲ್ಲಿ ಕೆಲಸ ಮಾಡುವ ಕಾರ್ಮಿಕರ ಮಕ್ಕಳ ಶಿಕ್ಷಣಕ್ಕೆ ಆದ್ಯತೆ ನೀಡಬೇಕು. ಸಿದ್ದಾಪುರ, ಕುಶಾಲನಗರ, ಸೋಮವಾರಪೇಟೆ ವ್ಯಾಪ್ತಿಯಲ್ಲಿ ತಪಾಸಣೆ ತೀವ್ರಗೊಳಿಸಲಾಗುವುದು ಎಂದರು.
ಏ.9-12ರವರೆಗೆ ಮೂಡುಬಿದಿರೆಯಲ್ಲಿ 'ಬೆದ್ರ ಉತ್ಸವ'
ಮೂಡುಬಿದಿರೆ: ಮೂಡುಬಿದಿರೆಯ ಸಾಂಸ್ಕೃತಿಕ ಹಿರಿಮೆಯನ್ನು ಬಿಂಬಿಸುವ ಬೆದ್ರ ಉತ್ಸವ 2026 ಏ.9ರಿಂದ 12ರ ವರೆಗೆ ನಾಲ್ಕು ದಿನಗಳ ಕಾಲ ವಿಜೃಂಭಣೆಯಿಂದ ನಡೆಯಲಿದೆ ಎಂದು ಉತ್ಸವ ಸಮಿತಿ ಅಧ್ಯಕ್ಷರು ಪತ್ರಿಕಾಗೋಷ್ಠಿಯಲ್ಲಿ ತಿಳಿಸಿದರು. ಉತ್ಸವದಲ್ಲಿ ಜಾನಪದ ಕಲಾ ಪ್ರದರ್ಶನ, ಯಕ್ಷಗಾನ, ನಾಟಕ, ಸಂಗೀತ ರಸಮಂಜರಿ, ಆಹಾರ ಮೇಳ ಮತ್ತು ವಸ್ತು ಪ್ರದರ್ಶನ ಆಯೋಜಿಸಲಾಗಿದೆ. ಏ.10ರಂದು ಸಂಜೆ 6ಕ್ಕೆ ಚೆಂಡೆ ಸ್ಪರ್ಧೆ ನಡೆಯಲಿದೆ.
ಸಾಂಸ್ಕೃತಿಕ ಪ್ರದರ್ಶನಗಳು ನಡೆಯಲಿವೆ. ರಾತ್ರಿ 7.30ಕ್ಕೆ ಉತ್ಸವದ ಅಧಿಕೃತ ಉದ್ಘಾಟನೆ ನಡೆಯಲಿದೆ. ಏ.11ರಂದು ಸಂಜೆ 6ಕ್ಕೆ ಭರತನಾಟ್ಯ ಪ್ರದರ್ಶನ, ಬಳಿಕ ಹಾಸ್ಯ ನಾಟಕ ಪ್ರದರ್ಶನಗೊಳ್ಳಲಿದೆ. ಏ.12ರಂದು ಸಮಾರೋಪ ಸಮಾರಂಭ ನಡೆಯಲಿದ್ದು, ಗಣ್ಯರು ಭಾಗವಹಿಸಲಿದ್ದಾರೆ. ಉತ್ಸವದ ಯಶಸ್ಸಿಗೆ ಸಾರ್ವಜನಿಕರು ಸಹಕರಿಸಬೇಕು ಎಂದು ಕೋರಿದರು.
ಆಧ್ಯಕ್ಷತೆಯನ್ನು ಶಾಸಕರು ವಹಿಸಲಿದ್ದು, ಮುಖ್ಯ ಅತಿಥಿಗಳಾಗಿ ಜಿಲ್ಲೆಯ ಜನಪ್ರತಿನಿಧಿಗಳು, ಉದ್ಯಮಿಗಳು ಭಾಗವಹಿಸಲಿದ್ದಾರೆ. ಉತ್ಸವದ ಅಂಗವಾಗಿ ನಗರದಲ್ಲಿ ವಿದ್ಯುತ್ ದೀಪಾಲಂಕಾರ ಮಾಡಲಾಗುವುದು.
'ಬೆದ್ರ ಮಾಣಿಕ್ಯ' ಪ್ರಶಸ್ತಿ ಗೌರವ
ಡಾ.ಎಂ.ಎಸ್., ರಾಜೇಂದ್ರ ಕುಮಾರ್, ಡಾ.ಎಂ. ಮೋಹನ ಆಳ್ವ ಸೇರಿದಂತೆ ಸಾಧಕರಿಗೆ 'ಬೆದ್ರ ಮಾಣಿಕ್ಯ' ಪ್ರಶಸ್ತಿ ನೀಡಿ ಗೌರವಿಸಲಾಗುವುದು. ಸಮಿತಿ ಸಂಚಾಲಕರು, ಪದಾಧಿಕಾರಿಗಳು ಪತ್ರಿಕಾಗೋಷ್ಠಿಯಲ್ಲಿ ಉಪಸ್ಥಿತರಿದ್ದರು.
